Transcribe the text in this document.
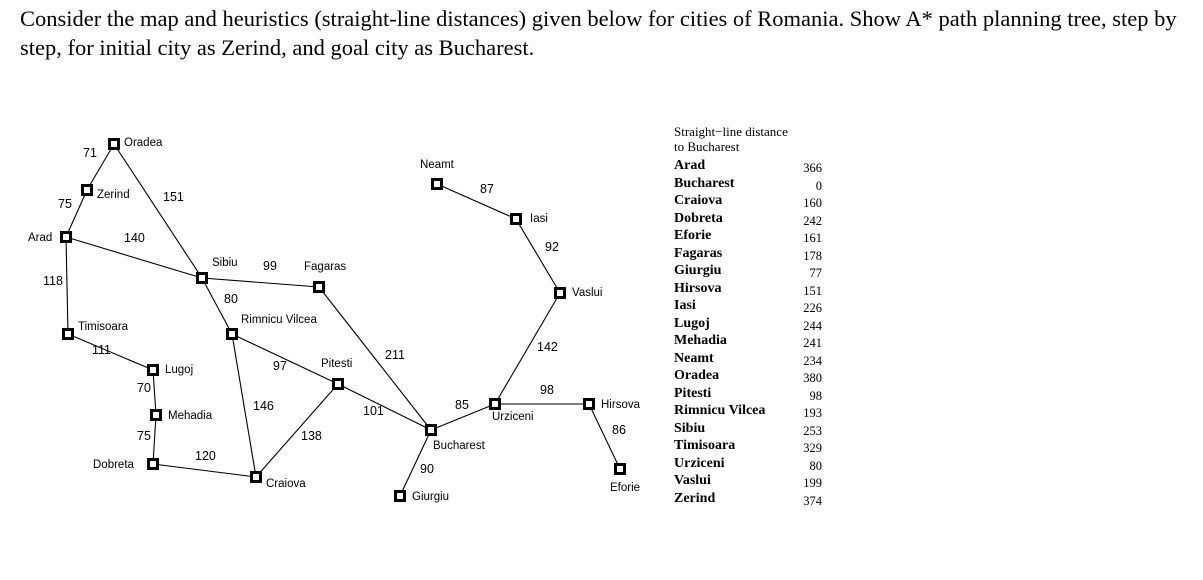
Consider the map and heuristics (straight-line distances) given below for cities of Romania. Show A* path planning tree, step by step, for initial city as Zerind, and goal city as Bucharest.
Oradea
Zerind
Arad
Sibiu	Fagaras
Timisoara
Rimnicu Vilcea
Lugoj	Pitesti
Mehadia
Dobreta
Craiova
Bucharest
Giurgiu
Urziceni
Neamt
Iasi
Vaslui
Hirsova
Eforie
71
75	151
140
118
111
70
75
120
99
80
97
146
138
101
211
90
85
142
92
87
98
86
Straight−line distance
to Bucharest
Arad	366
Bucharest	0
Craiova	160
Dobreta	242
Eforie	161
Fagaras	178
Giurgiu	77
Hirsova	151
Iasi	226
Lugoj	244
Mehadia	241
Neamt	234
Oradea	380
Pitesti	98
Rimnicu Vilcea	193
Sibiu	253
Timisoara	329
Urziceni	80
Vaslui	199
Zerind	374
